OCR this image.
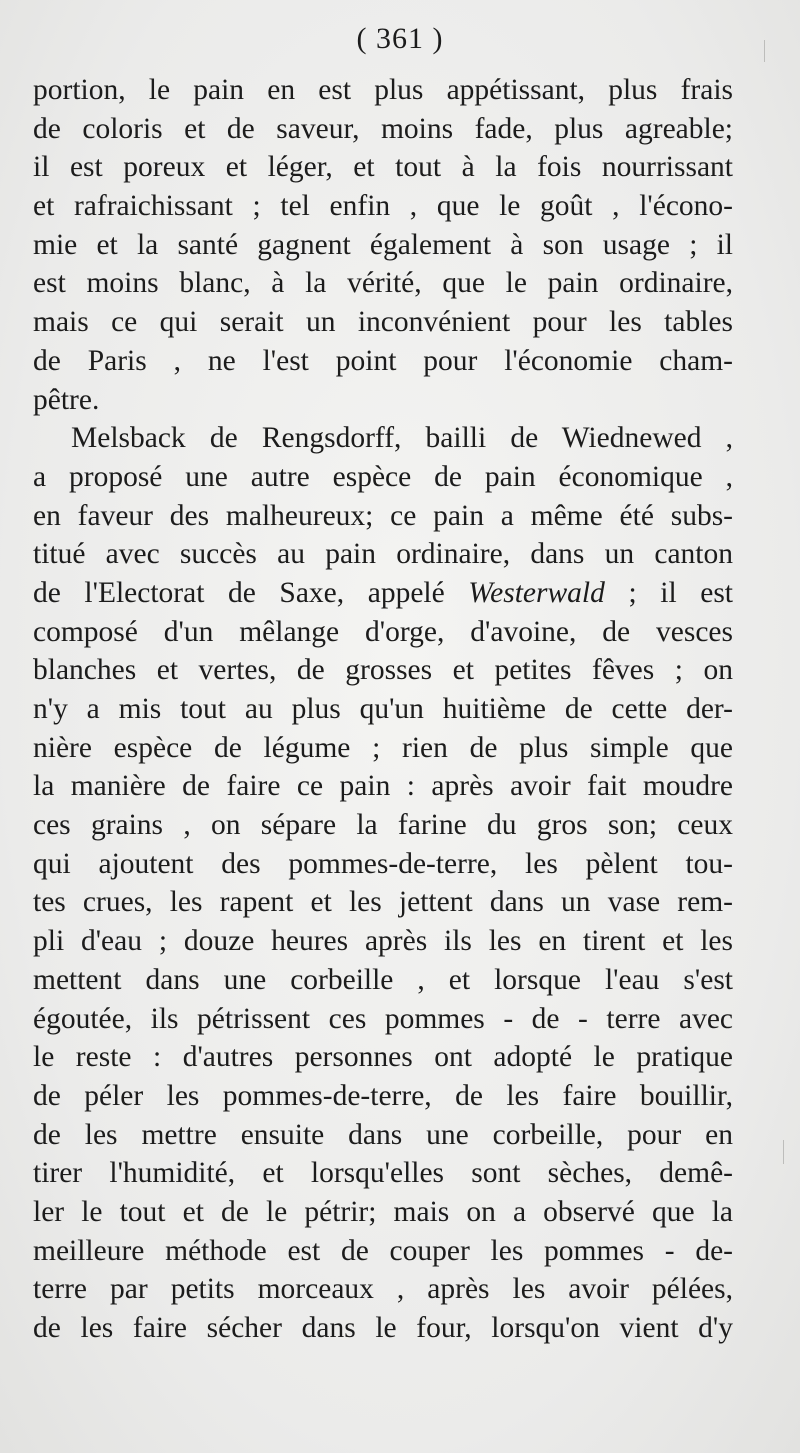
( 361 )
portion, le pain en est plus appétissant, plus frais
de coloris et de saveur, moins fade, plus agreable;
il est poreux et léger, et tout à la fois nourrissant
et rafraichissant ; tel enfin , que le goût , l'écono-
mie et la santé gagnent également à son usage ; il
est moins blanc, à la vérité, que le pain ordinaire,
mais ce qui serait un inconvénient pour les tables
de Paris , ne l'est point pour l'économie cham-
pêtre.
Melsback de Rengsdorff, bailli de Wiednewed ,
a proposé une autre espèce de pain économique ,
en faveur des malheureux; ce pain a même été subs-
titué avec succès au pain ordinaire, dans un canton
de l'Electorat de Saxe, appelé Westerwald ; il est
composé d'un mêlange d'orge, d'avoine, de vesces
blanches et vertes, de grosses et petites fêves ; on
n'y a mis tout au plus qu'un huitième de cette der-
nière espèce de légume ; rien de plus simple que
la manière de faire ce pain : après avoir fait moudre
ces grains , on sépare la farine du gros son; ceux
qui ajoutent des pommes-de-terre, les pèlent tou-
tes crues, les rapent et les jettent dans un vase rem-
pli d'eau ; douze heures après ils les en tirent et les
mettent dans une corbeille , et lorsque l'eau s'est
égoutée, ils pétrissent ces pommes - de - terre avec
le reste : d'autres personnes ont adopté le pratique
de péler les pommes-de-terre, de les faire bouillir,
de les mettre ensuite dans une corbeille, pour en
tirer l'humidité, et lorsqu'elles sont sèches, demê-
ler le tout et de le pétrir; mais on a observé que la
meilleure méthode est de couper les pommes - de-
terre par petits morceaux , après les avoir pélées,
de les faire sécher dans le four, lorsqu'on vient d'y
